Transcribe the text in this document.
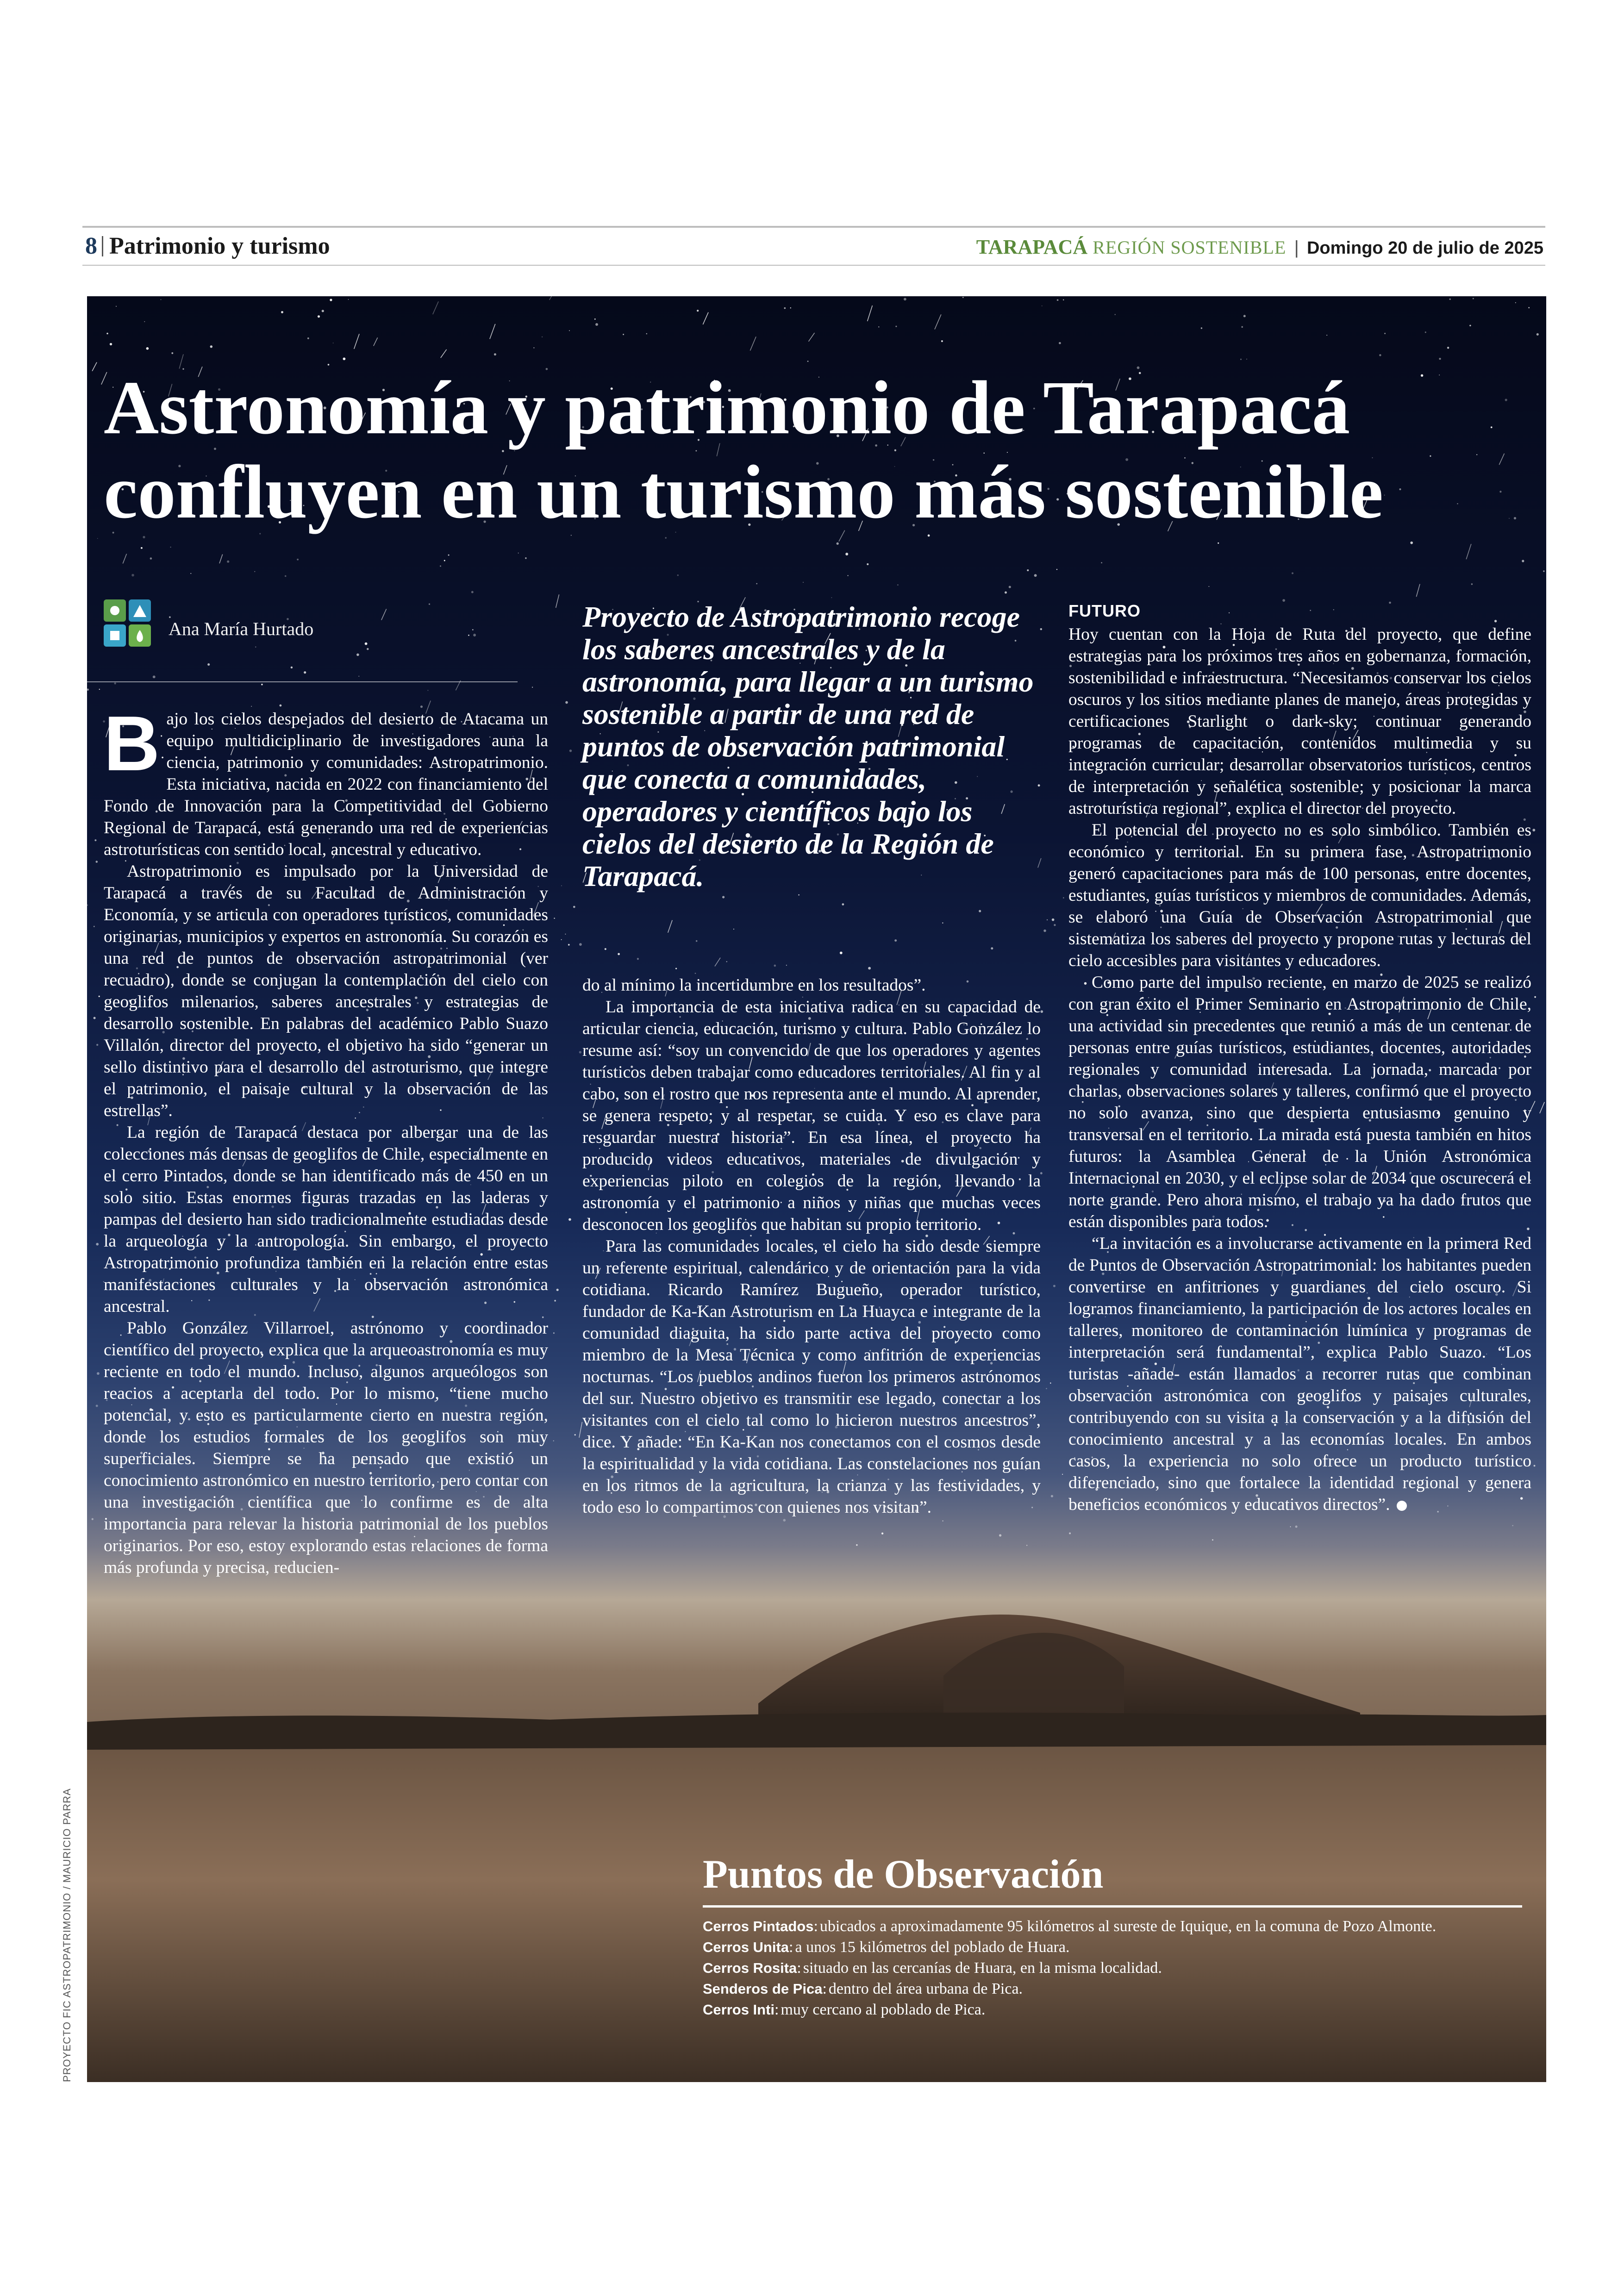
8 Patrimonio y turismo	TARAPACÁ REGIÓN SOSTENIBLE | Domingo 20 de julio de 2025
Astronomía y patrimonio de Tarapacá
confluyen en un turismo más sostenible
Ana María Hurtado

Bajo los cielos despejados del desierto de Atacama un equipo multidiciplinario de investigadores auna la ciencia, patrimonio y comunidades: Astropatrimonio. Esta iniciativa, nacida en 2022 con financiamiento del Fondo de Innovación para la Competitividad del Gobierno Regional de Tarapacá, está generando una red de experiencias astroturísticas con sentido local, ancestral y educativo.

Astropatrimonio es impulsado por la Universidad de Tarapacá a través de su Facultad de Administración y Economía, y se articula con operadores turísticos, comunidades originarias, municipios y expertos en astronomía. Su corazón es una red de puntos de observación astropatrimonial (ver recuadro), donde se conjugan la contemplación del cielo con geoglifos milenarios, saberes ancestrales y estrategias de desarrollo sostenible. En palabras del académico Pablo Suazo Villalón, director del proyecto, el objetivo ha sido “generar un sello distintivo para el desarrollo del astroturismo, que integre el patrimonio, el paisaje cultural y la observación de las estrellas”.

La región de Tarapacá destaca por albergar una de las colecciones más densas de geoglifos de Chile, especialmente en el cerro Pintados, donde se han identificado más de 450 en un solo sitio. Estas enormes figuras trazadas en las laderas y pampas del desierto han sido tradicionalmente estudiadas desde la arqueología y la antropología. Sin embargo, el proyecto Astropatrimonio profundiza también en la relación entre estas manifestaciones culturales y la observación astronómica ancestral.

Pablo González Villarroel, astrónomo y coordinador científico del proyecto, explica que la arqueoastronomía es muy reciente en todo el mundo. Incluso, algunos arqueólogos son reacios a aceptarla del todo. Por lo mismo, “tiene mucho potencial, y esto es particularmente cierto en nuestra región, donde los estudios formales de los geoglifos son muy superficiales. Siempre se ha pensado que existió un conocimiento astronómico en nuestro territorio, pero contar con una investigación científica que lo confirme es de alta importancia para relevar la historia patrimonial de los pueblos originarios. Por eso, estoy explorando estas relaciones de forma más profunda y precisa, reducien-

Proyecto de Astropatrimonio recoge los saberes ancestrales y de la astronomía, para llegar a un turismo sostenible a partir de una red de puntos de observación patrimonial que conecta a comunidades, operadores y científicos bajo los cielos del desierto de la Región de Tarapacá.

do al mínimo la incertidumbre en los resultados”.

La importancia de esta iniciativa radica en su capacidad de articular ciencia, educación, turismo y cultura. Pablo González lo resume así: “soy un convencido de que los operadores y agentes turísticos deben trabajar como educadores territoriales. Al fin y al cabo, son el rostro que nos representa ante el mundo. Al aprender, se genera respeto; y al respetar, se cuida. Y eso es clave para resguardar nuestra historia”. En esa línea, el proyecto ha producido videos educativos, materiales de divulgación y experiencias piloto en colegios de la región, llevando la astronomía y el patrimonio a niños y niñas que muchas veces desconocen los geoglifos que habitan su propio territorio.

Para las comunidades locales, el cielo ha sido desde siempre un referente espiritual, calendárico y de orientación para la vida cotidiana. Ricardo Ramírez Bugueño, operador turístico, fundador de Ka-Kan Astroturism en La Huayca e integrante de la comunidad diaguita, ha sido parte activa del proyecto como miembro de la Mesa Técnica y como anfitrión de experiencias nocturnas. “Los pueblos andinos fueron los primeros astrónomos del sur. Nuestro objetivo es transmitir ese legado, conectar a los visitantes con el cielo tal como lo hicieron nuestros ancestros”, dice. Y añade: “En Ka-Kan nos conectamos con el cosmos desde la espiritualidad y la vida cotidiana. Las constelaciones nos guían en los ritmos de la agricultura, la crianza y las festividades, y todo eso lo compartimos con quienes nos visitan”.

FUTURO

Hoy cuentan con la Hoja de Ruta del proyecto, que define estrategias para los próximos tres años en gobernanza, formación, sostenibilidad e infraestructura. “Necesitamos conservar los cielos oscuros y los sitios mediante planes de manejo, áreas protegidas y certificaciones Starlight o dark-sky; continuar generando programas de capacitación, contenidos multimedia y su integración curricular; desarrollar observatorios turísticos, centros de interpretación y señalética sostenible; y posicionar la marca astroturística regional”, explica el director del proyecto.

El potencial del proyecto no es solo simbólico. También es económico y territorial. En su primera fase, Astropatrimonio generó capacitaciones para más de 100 personas, entre docentes, estudiantes, guías turísticos y miembros de comunidades. Además, se elaboró una Guía de Observación Astropatrimonial que sistematiza los saberes del proyecto y propone rutas y lecturas del cielo accesibles para visitantes y educadores.

Como parte del impulso reciente, en marzo de 2025 se realizó con gran éxito el Primer Seminario en Astropatrimonio de Chile, una actividad sin precedentes que reunió a más de un centenar de personas entre guías turísticos, estudiantes, docentes, autoridades regionales y comunidad interesada. La jornada, marcada por charlas, observaciones solares y talleres, confirmó que el proyecto no solo avanza, sino que despierta entusiasmo genuino y transversal en el territorio. La mirada está puesta también en hitos futuros: la Asamblea General de la Unión Astronómica Internacional en 2030, y el eclipse solar de 2034 que oscurecerá el norte grande. Pero ahora mismo, el trabajo ya ha dado frutos que están disponibles para todos.

“La invitación es a involucrarse activamente en la primera Red de Puntos de Observación Astropatrimonial: los habitantes pueden convertirse en anfitriones y guardianes del cielo oscuro. Si logramos financiamiento, la participación de los actores locales en talleres, monitoreo de contaminación lumínica y programas de interpretación será fundamental”, explica Pablo Suazo. “Los turistas -añade- están llamados a recorrer rutas que combinan observación astronómica con geoglifos y paisajes culturales, contribuyendo con su visita a la conservación y a la difusión del conocimiento ancestral y a las economías locales. En ambos casos, la experiencia no solo ofrece un producto turístico diferenciado, sino que fortalece la identidad regional y genera beneficios económicos y educativos directos”.

Puntos de Observación
Cerros Pintados: ubicados a aproximadamente 95 kilómetros al sureste de Iquique, en la comuna de Pozo Almonte.
Cerros Unita: a unos 15 kilómetros del poblado de Huara.
Cerros Rosita: situado en las cercanías de Huara, en la misma localidad.
Senderos de Pica: dentro del área urbana de Pica.
Cerros Inti: muy cercano al poblado de Pica.
PROYECTO FIC ASTROPATRIMONIO / MAURICIO PARRA
